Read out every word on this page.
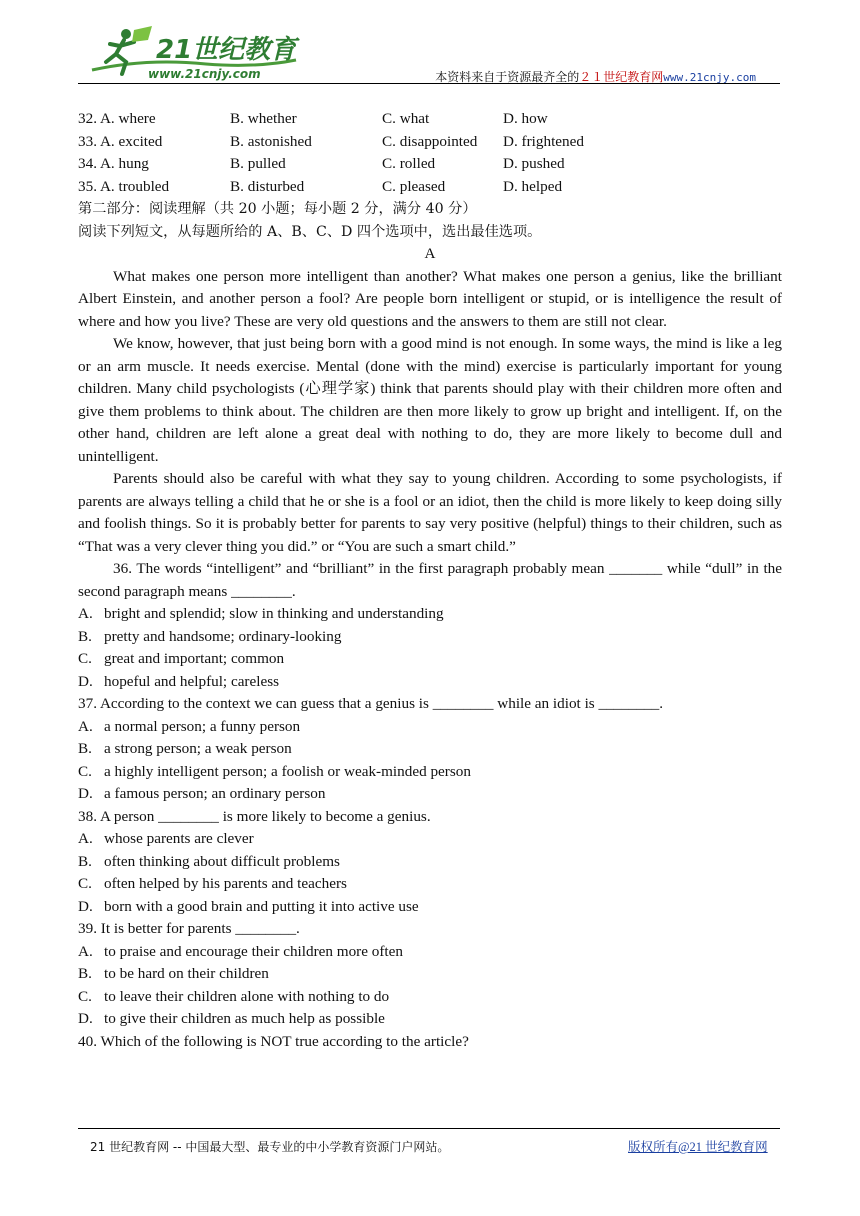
21世纪教育
www.21cnjy.com	本资料来自于资源最齐全的２１世纪教育网www.21cnjy.com
32. A. where	B. whether	C. what	D. how
33. A. excited	B. astonished	C. disappointed	D. frightened
34. A. hung	B. pulled	C. rolled	D. pushed
35. A. troubled	B. disturbed	C. pleased	D. helped
第二部分：阅读理解（共 20 小题；每小题 2 分，满分 40 分）
阅读下列短文，从每题所给的 A、B、C、D 四个选项中，选出最佳选项。
A

What makes one person more intelligent than another? What makes one person a genius, like the brilliant Albert Einstein, and another person a fool? Are people born intelligent or stupid, or is intelligence the result of where and how you live? These are very old questions and the answers to them are still not clear.

We know, however, that just being born with a good mind is not enough. In some ways, the mind is like a leg or an arm muscle. It needs exercise. Mental (done with the mind) exercise is particularly important for young children. Many child psychologists (心理学家) think that parents should play with their children more often and give them problems to think about. The children are then more likely to grow up bright and intelligent. If, on the other hand, children are left alone a great deal with nothing to do, they are more likely to become dull and unintelligent.

Parents should also be careful with what they say to young children. According to some psychologists, if parents are always telling a child that he or she is a fool or an idiot, then the child is more likely to keep doing silly and foolish things. So it is probably better for parents to say very positive (helpful) things to their children, such as “That was a very clever thing you did.” or “You are such a smart child.”

36. The words “intelligent” and “brilliant” in the first paragraph probably mean _______ while “dull” in the second paragraph means ________.

A. bright and splendid; slow in thinking and understanding
B. pretty and handsome; ordinary-looking
C. great and important; common
D. hopeful and helpful; careless
37. According to the context we can guess that a genius is ________ while an idiot is ________.
A. a normal person; a funny person
B. a strong person; a weak person
C. a highly intelligent person; a foolish or weak-minded person
D. a famous person; an ordinary person
38. A person ________ is more likely to become a genius.
A. whose parents are clever
B. often thinking about difficult problems
C. often helped by his parents and teachers
D. born with a good brain and putting it into active use
39. It is better for parents ________.
A. to praise and encourage their children more often
B. to be hard on their children
C. to leave their children alone with nothing to do
D. to give their children as much help as possible
40. Which of the following is NOT true according to the article?
21 世纪教育网 -- 中国最大型、最专业的中小学教育资源门户网站。	版权所有@21 世纪教育网
